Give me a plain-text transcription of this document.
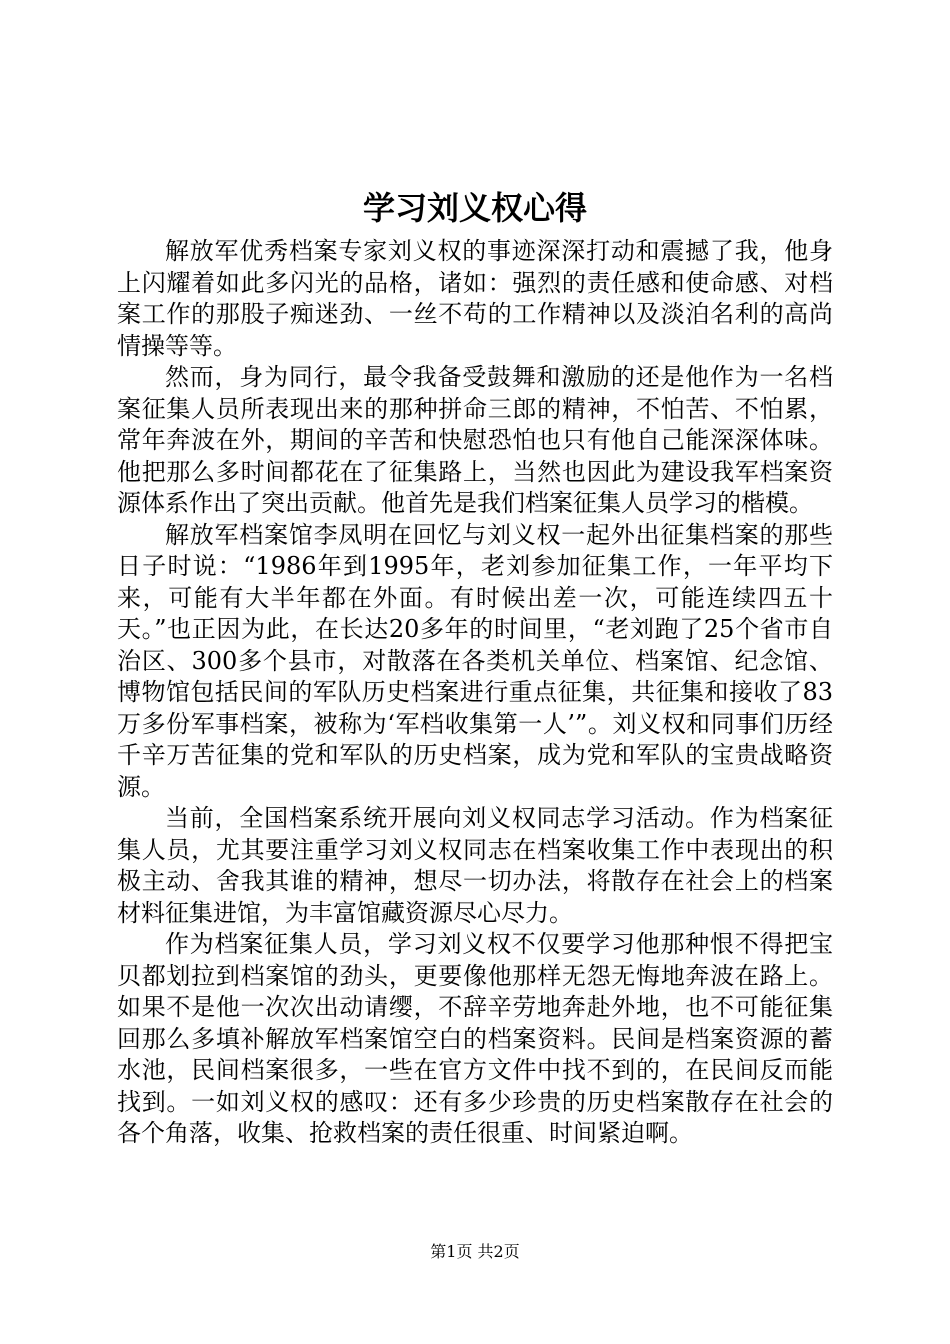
学习刘义权心得

解放军优秀档案专家刘义权的事迹深深打动和震撼了我，他身上闪耀着如此多闪光的品格，诸如：强烈的责任感和使命感、对档案工作的那股子痴迷劲、一丝不苟的工作精神以及淡泊名利的高尚情操等等。

然而，身为同行，最令我备受鼓舞和激励的还是他作为一名档案征集人员所表现出来的那种拼命三郎的精神，不怕苦、不怕累，常年奔波在外，期间的辛苦和快慰恐怕也只有他自己能深深体味。他把那么多时间都花在了征集路上，当然也因此为建设我军档案资源体系作出了突出贡献。他首先是我们档案征集人员学习的楷模。

解放军档案馆李凤明在回忆与刘义权一起外出征集档案的那些日子时说：“1986年到1995年，老刘参加征集工作，一年平均下来，可能有大半年都在外面。有时候出差一次，可能连续四五十天。”也正因为此，在长达20多年的时间里，“老刘跑了25个省市自治区、300多个县市，对散落在各类机关单位、档案馆、纪念馆、博物馆包括民间的军队历史档案进行重点征集，共征集和接收了83万多份军事档案，被称为‘军档收集第一人’”。刘义权和同事们历经千辛万苦征集的党和军队的历史档案，成为党和军队的宝贵战略资源。

当前，全国档案系统开展向刘义权同志学习活动。作为档案征集人员，尤其要注重学习刘义权同志在档案收集工作中表现出的积极主动、舍我其谁的精神，想尽一切办法，将散存在社会上的档案材料征集进馆，为丰富馆藏资源尽心尽力。

作为档案征集人员，学习刘义权不仅要学习他那种恨不得把宝贝都划拉到档案馆的劲头，更要像他那样无怨无悔地奔波在路上。如果不是他一次次出动请缨，不辞辛劳地奔赴外地，也不可能征集回那么多填补解放军档案馆空白的档案资料。民间是档案资源的蓄水池，民间档案很多，一些在官方文件中找不到的，在民间反而能找到。一如刘义权的感叹：还有多少珍贵的历史档案散存在社会的各个角落，收集、抢救档案的责任很重、时间紧迫啊。

第1页 共2页
